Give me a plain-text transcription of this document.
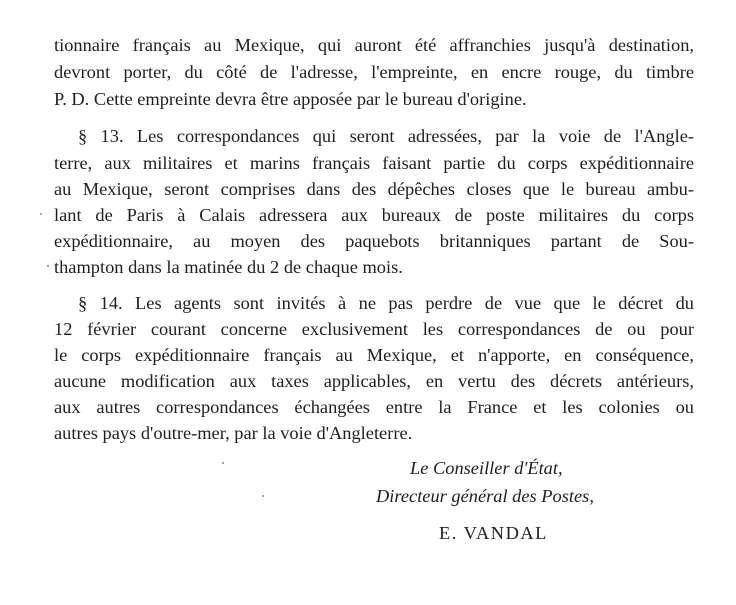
tionnaire français au Mexique, qui auront été affranchies jusqu'à destination,
devront porter, du côté de l'adresse, l'empreinte, en encre rouge, du timbre
P. D. Cette empreinte devra être apposée par le bureau d'origine.
§ 13. Les correspondances qui seront adressées, par la voie de l'Angle-
terre, aux militaires et marins français faisant partie du corps expéditionnaire
au Mexique, seront comprises dans des dépêches closes que le bureau ambu-
lant de Paris à Calais adressera aux bureaux de poste militaires du corps
expéditionnaire, au moyen des paquebots britanniques partant de Sou-
thampton dans la matinée du 2 de chaque mois.
§ 14. Les agents sont invités à ne pas perdre de vue que le décret du
12 février courant concerne exclusivement les correspondances de ou pour
le corps expéditionnaire français au Mexique, et n'apporte, en conséquence,
aucune modification aux taxes applicables, en vertu des décrets antérieurs,
aux autres correspondances échangées entre la France et les colonies ou
autres pays d'outre-mer, par la voie d'Angleterre.
Le Conseiller d'État,
Directeur général des Postes,
E. VANDAL
